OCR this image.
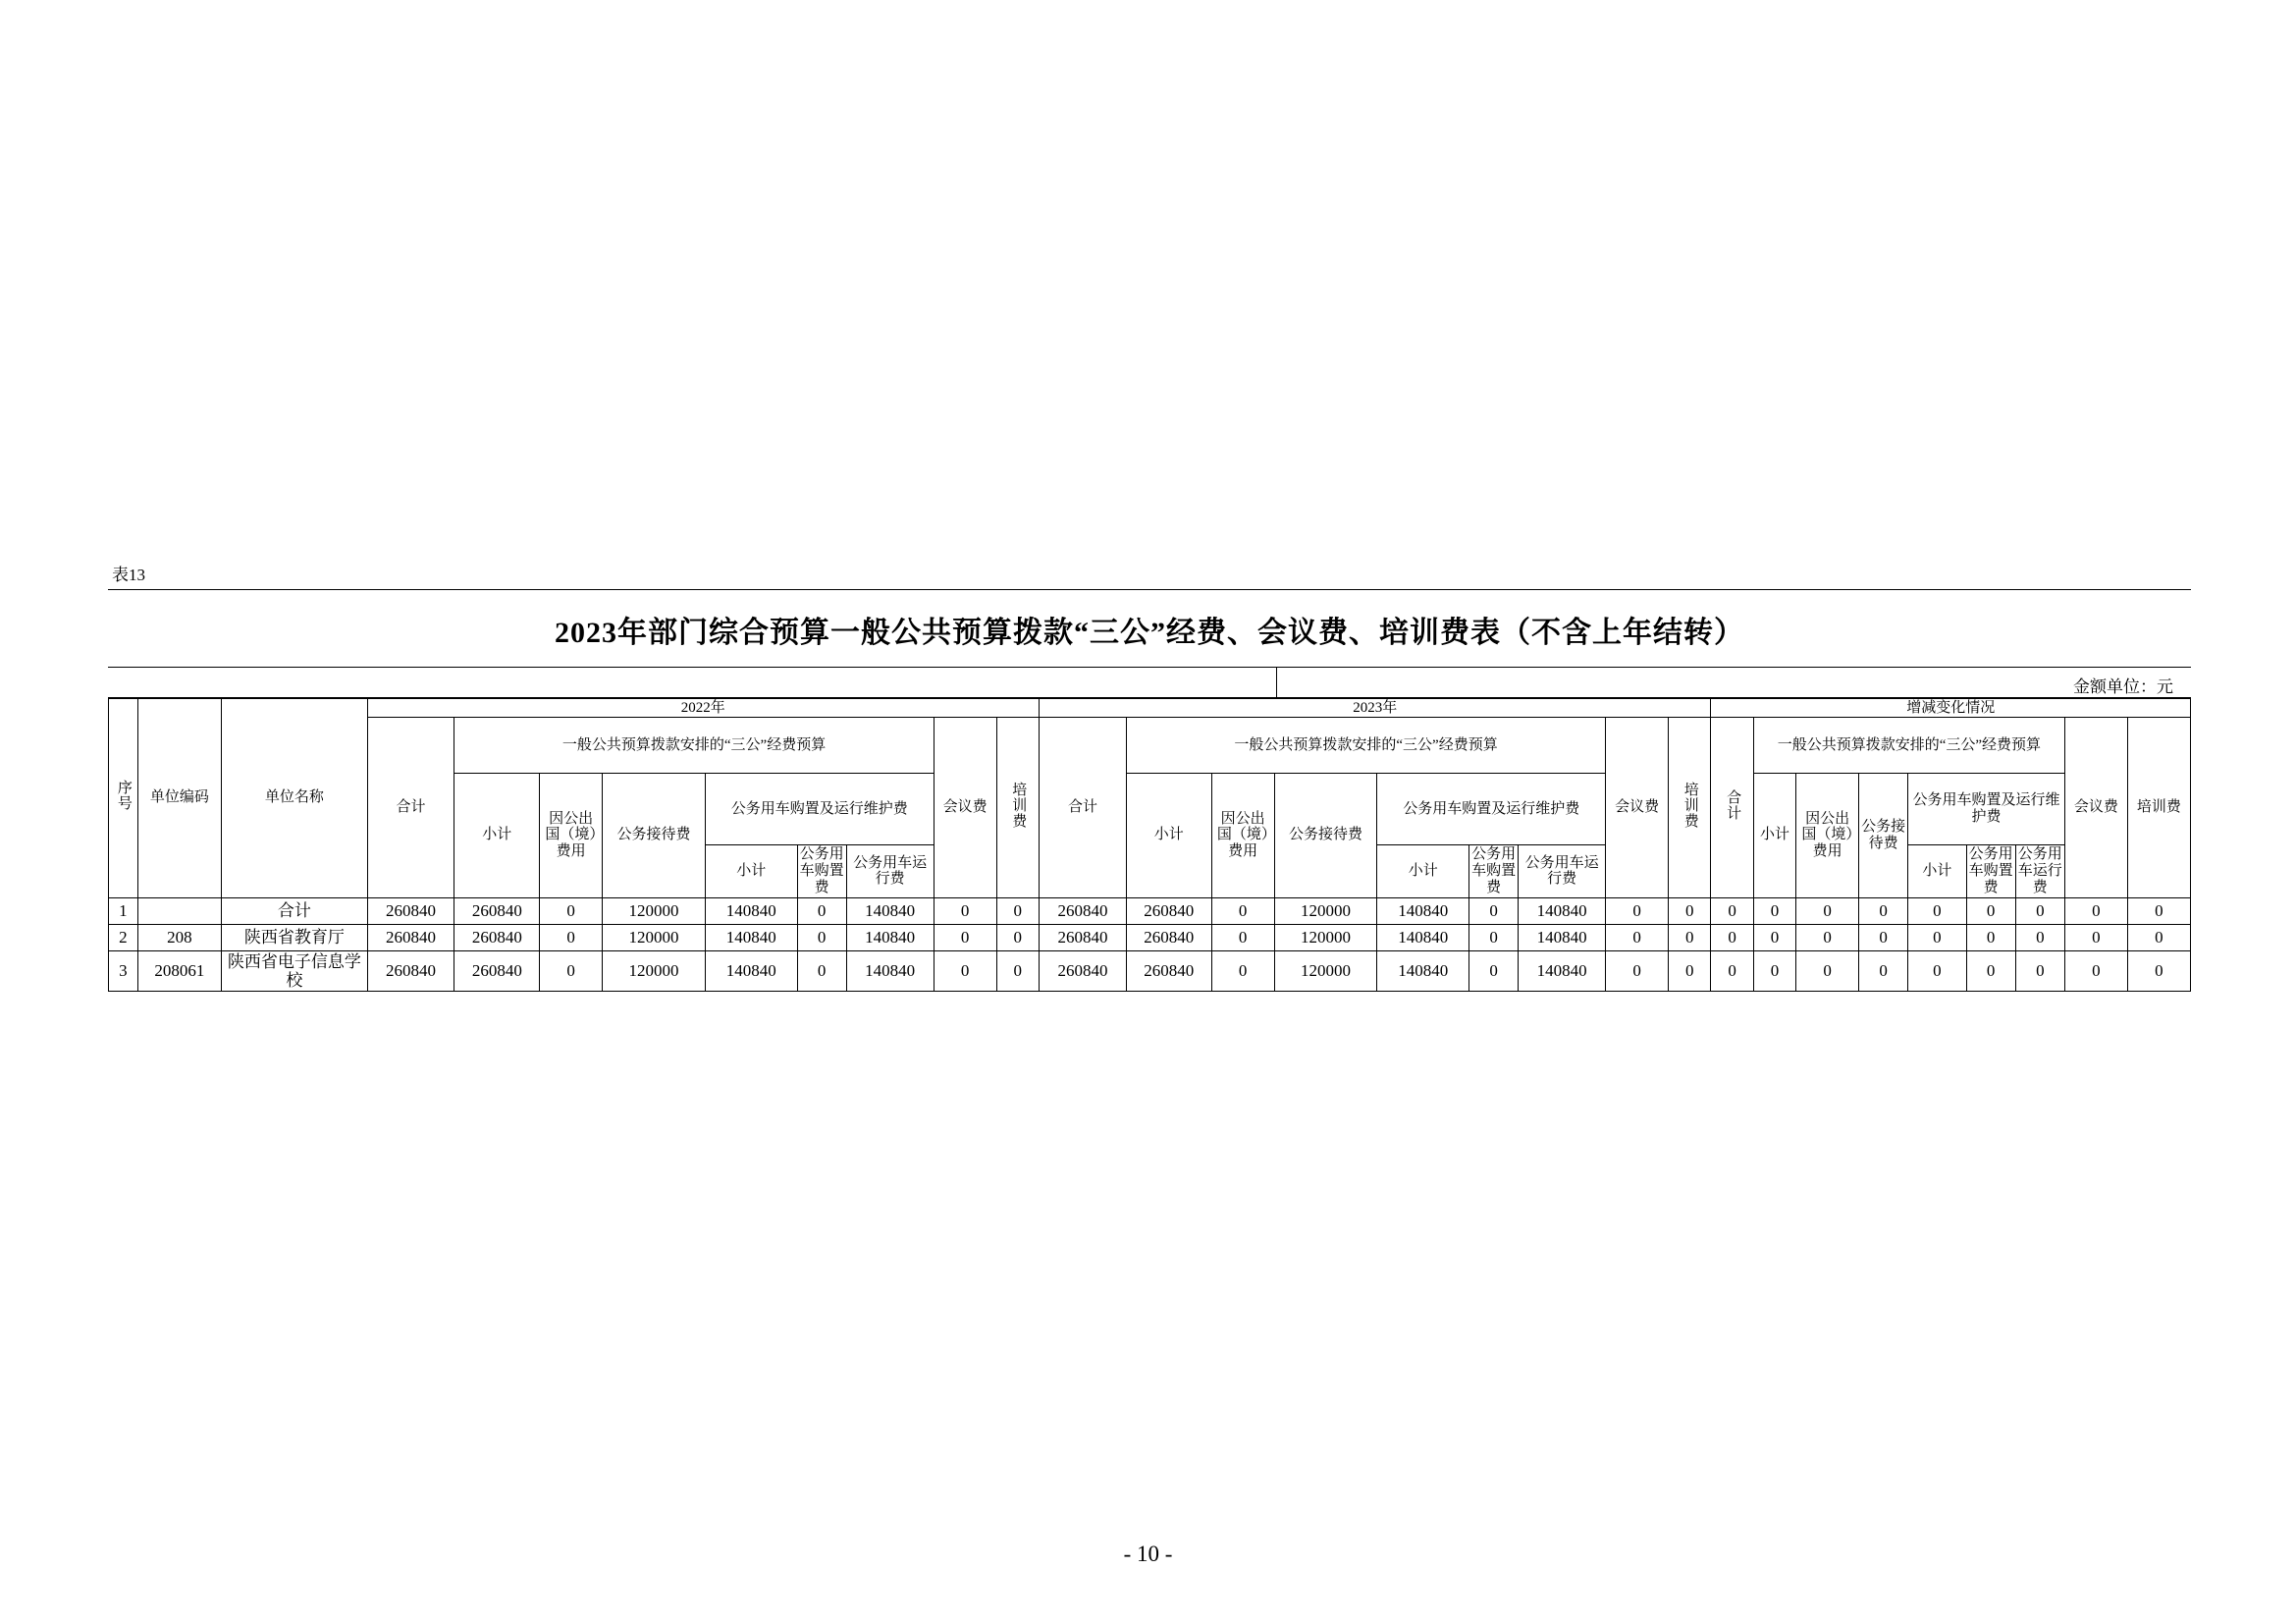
表13
2023年部门综合预算一般公共预算拨款“三公”经费、会议费、培训费表（不含上年结转）
金额单位：元
序号	单位编码	单位名称	2022年									2023年									增减变化情况								
			合计	一般公共预算拨款安排的“三公”经费预算						会议费	培训费	合计	一般公共预算拨款安排的“三公”经费预算						会议费	培训费	合计	一般公共预算拨款安排的“三公”经费预算						会议费	培训费
				小计	因公出国（境）费用	公务接待费	公务用车购置及运行维护费						小计	因公出国（境）费用	公务接待费	公务用车购置及运行维护费						小计	因公出国（境）费用	公务接待费	公务用车购置及运行维护费				
							小计	公务用车购置费	公务用车运行费							小计	公务用车购置费	公务用车运行费							小计	公务用车购置费	公务用车运行费		
1		合计	260840	260840	0	120000	140840	0	140840	0	0	260840	260840	0	120000	140840	0	140840	0	0	0	0	0	0	0	0	0	0	0
2	208	陕西省教育厅	260840	260840	0	120000	140840	0	140840	0	0	260840	260840	0	120000	140840	0	140840	0	0	0	0	0	0	0	0	0	0	0
3	208061	陕西省电子信息学校	260840	260840	0	120000	140840	0	140840	0	0	260840	260840	0	120000	140840	0	140840	0	0	0	0	0	0	0	0	0	0	0
- 10 -
